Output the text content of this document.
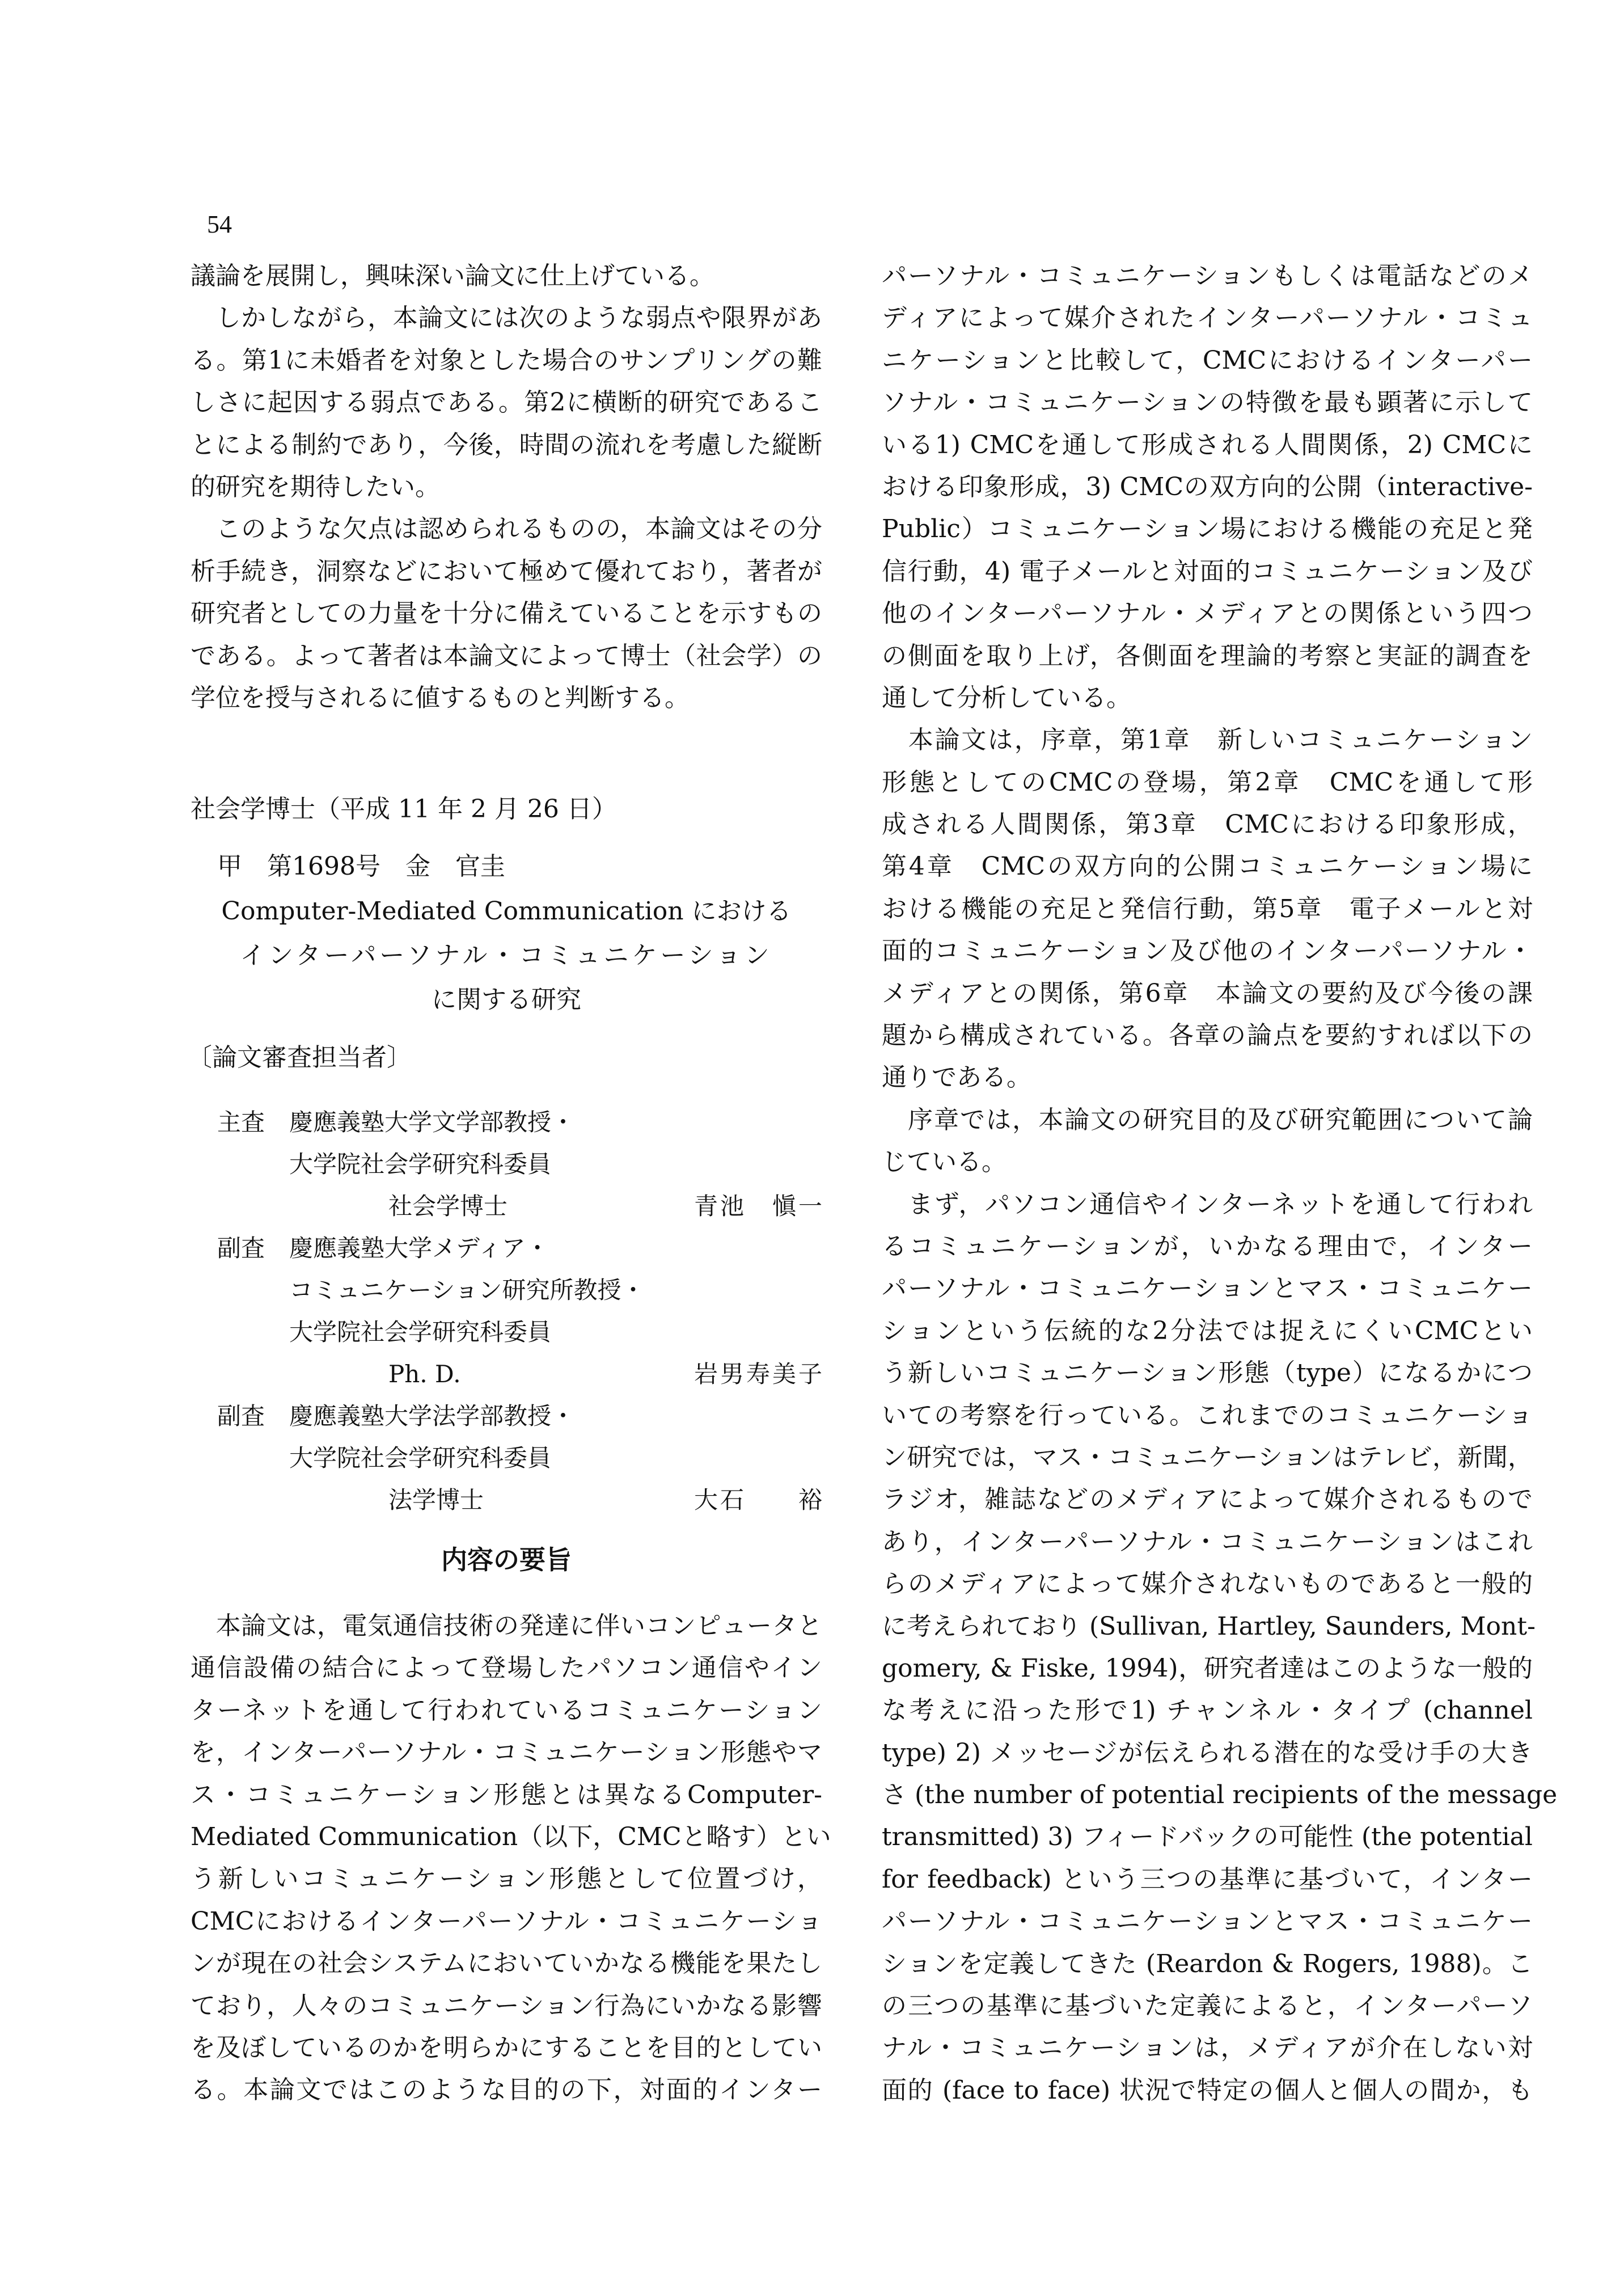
54
議論を展開し，興味深い論文に仕上げている。
　しかしながら，本論文には次のような弱点や限界があ
る。第1に未婚者を対象とした場合のサンプリングの難
しさに起因する弱点である。第2に横断的研究であるこ
とによる制約であり，今後，時間の流れを考慮した縦断
的研究を期待したい。
　このような欠点は認められるものの，本論文はその分
析手続き，洞察などにおいて極めて優れており，著者が
研究者としての力量を十分に備えていることを示すもの
である。よって著者は本論文によって博士（社会学）の
学位を授与されるに値するものと判断する。
社会学博士（平成 11 年 2 月 26 日）
甲　第1698号　金　官圭
Computer-Mediated Communication における
インターパーソナル・コミュニケーション
に関する研究
〔論文審査担当者〕
主査 慶應義塾大学文学部教授・
大学院社会学研究科委員
社会学博士	青池　愼一
副査 慶應義塾大学メディア・
コミュニケーション研究所教授・
大学院社会学研究科委員
Ph. D.	岩男寿美子
副査 慶應義塾大学法学部教授・
大学院社会学研究科委員
法学博士	大石　　裕
内容の要旨
　本論文は，電気通信技術の発達に伴いコンピュータと
通信設備の結合によって登場したパソコン通信やイン
ターネットを通して行われているコミュニケーション
を，インターパーソナル・コミュニケーション形態やマ
ス・コミュニケーション形態とは異なるComputer-
Mediated Communication（以下，CMCと略す）とい
う新しいコミュニケーション形態として位置づけ，
CMCにおけるインターパーソナル・コミュニケーショ
ンが現在の社会システムにおいていかなる機能を果たし
ており，人々のコミュニケーション行為にいかなる影響
を及ぼしているのかを明らかにすることを目的としてい
る。本論文ではこのような目的の下，対面的インター
パーソナル・コミュニケーションもしくは電話などのメ
ディアによって媒介されたインターパーソナル・コミュ
ニケーションと比較して，CMCにおけるインターパー
ソナル・コミュニケーションの特徴を最も顕著に示して
いる1) CMCを通して形成される人間関係，2) CMCに
おける印象形成，3) CMCの双方向的公開（interactive-
Public）コミュニケーション場における機能の充足と発
信行動，4) 電子メールと対面的コミュニケーション及び
他のインターパーソナル・メディアとの関係という四つ
の側面を取り上げ，各側面を理論的考察と実証的調査を
通して分析している。
　本論文は，序章，第1章　新しいコミュニケーション
形態としてのCMCの登場，第2章　CMCを通して形
成される人間関係，第3章　CMCにおける印象形成，
第4章　CMCの双方向的公開コミュニケーション場に
おける機能の充足と発信行動，第5章　電子メールと対
面的コミュニケーション及び他のインターパーソナル・
メディアとの関係，第6章　本論文の要約及び今後の課
題から構成されている。各章の論点を要約すれば以下の
通りである。
　序章では，本論文の研究目的及び研究範囲について論
じている。
　まず，パソコン通信やインターネットを通して行われ
るコミュニケーションが，いかなる理由で，インター
パーソナル・コミュニケーションとマス・コミュニケー
ションという伝統的な2分法では捉えにくいCMCとい
う新しいコミュニケーション形態（type）になるかにつ
いての考察を行っている。これまでのコミュニケーショ
ン研究では，マス・コミュニケーションはテレビ，新聞，
ラジオ，雑誌などのメディアによって媒介されるもので
あり，インターパーソナル・コミュニケーションはこれ
らのメディアによって媒介されないものであると一般的
に考えられており (Sullivan, Hartley, Saunders, Mont-
gomery, & Fiske, 1994)，研究者達はこのような一般的
な考えに沿った形で1) チャンネル・タイプ (channel
type) 2) メッセージが伝えられる潜在的な受け手の大き
さ (the number of potential recipients of the message
transmitted) 3) フィードバックの可能性 (the potential
for feedback) という三つの基準に基づいて，インター
パーソナル・コミュニケーションとマス・コミュニケー
ションを定義してきた (Reardon & Rogers, 1988)。こ
の三つの基準に基づいた定義によると，インターパーソ
ナル・コミュニケーションは，メディアが介在しない対
面的 (face to face) 状況で特定の個人と個人の間か，も
